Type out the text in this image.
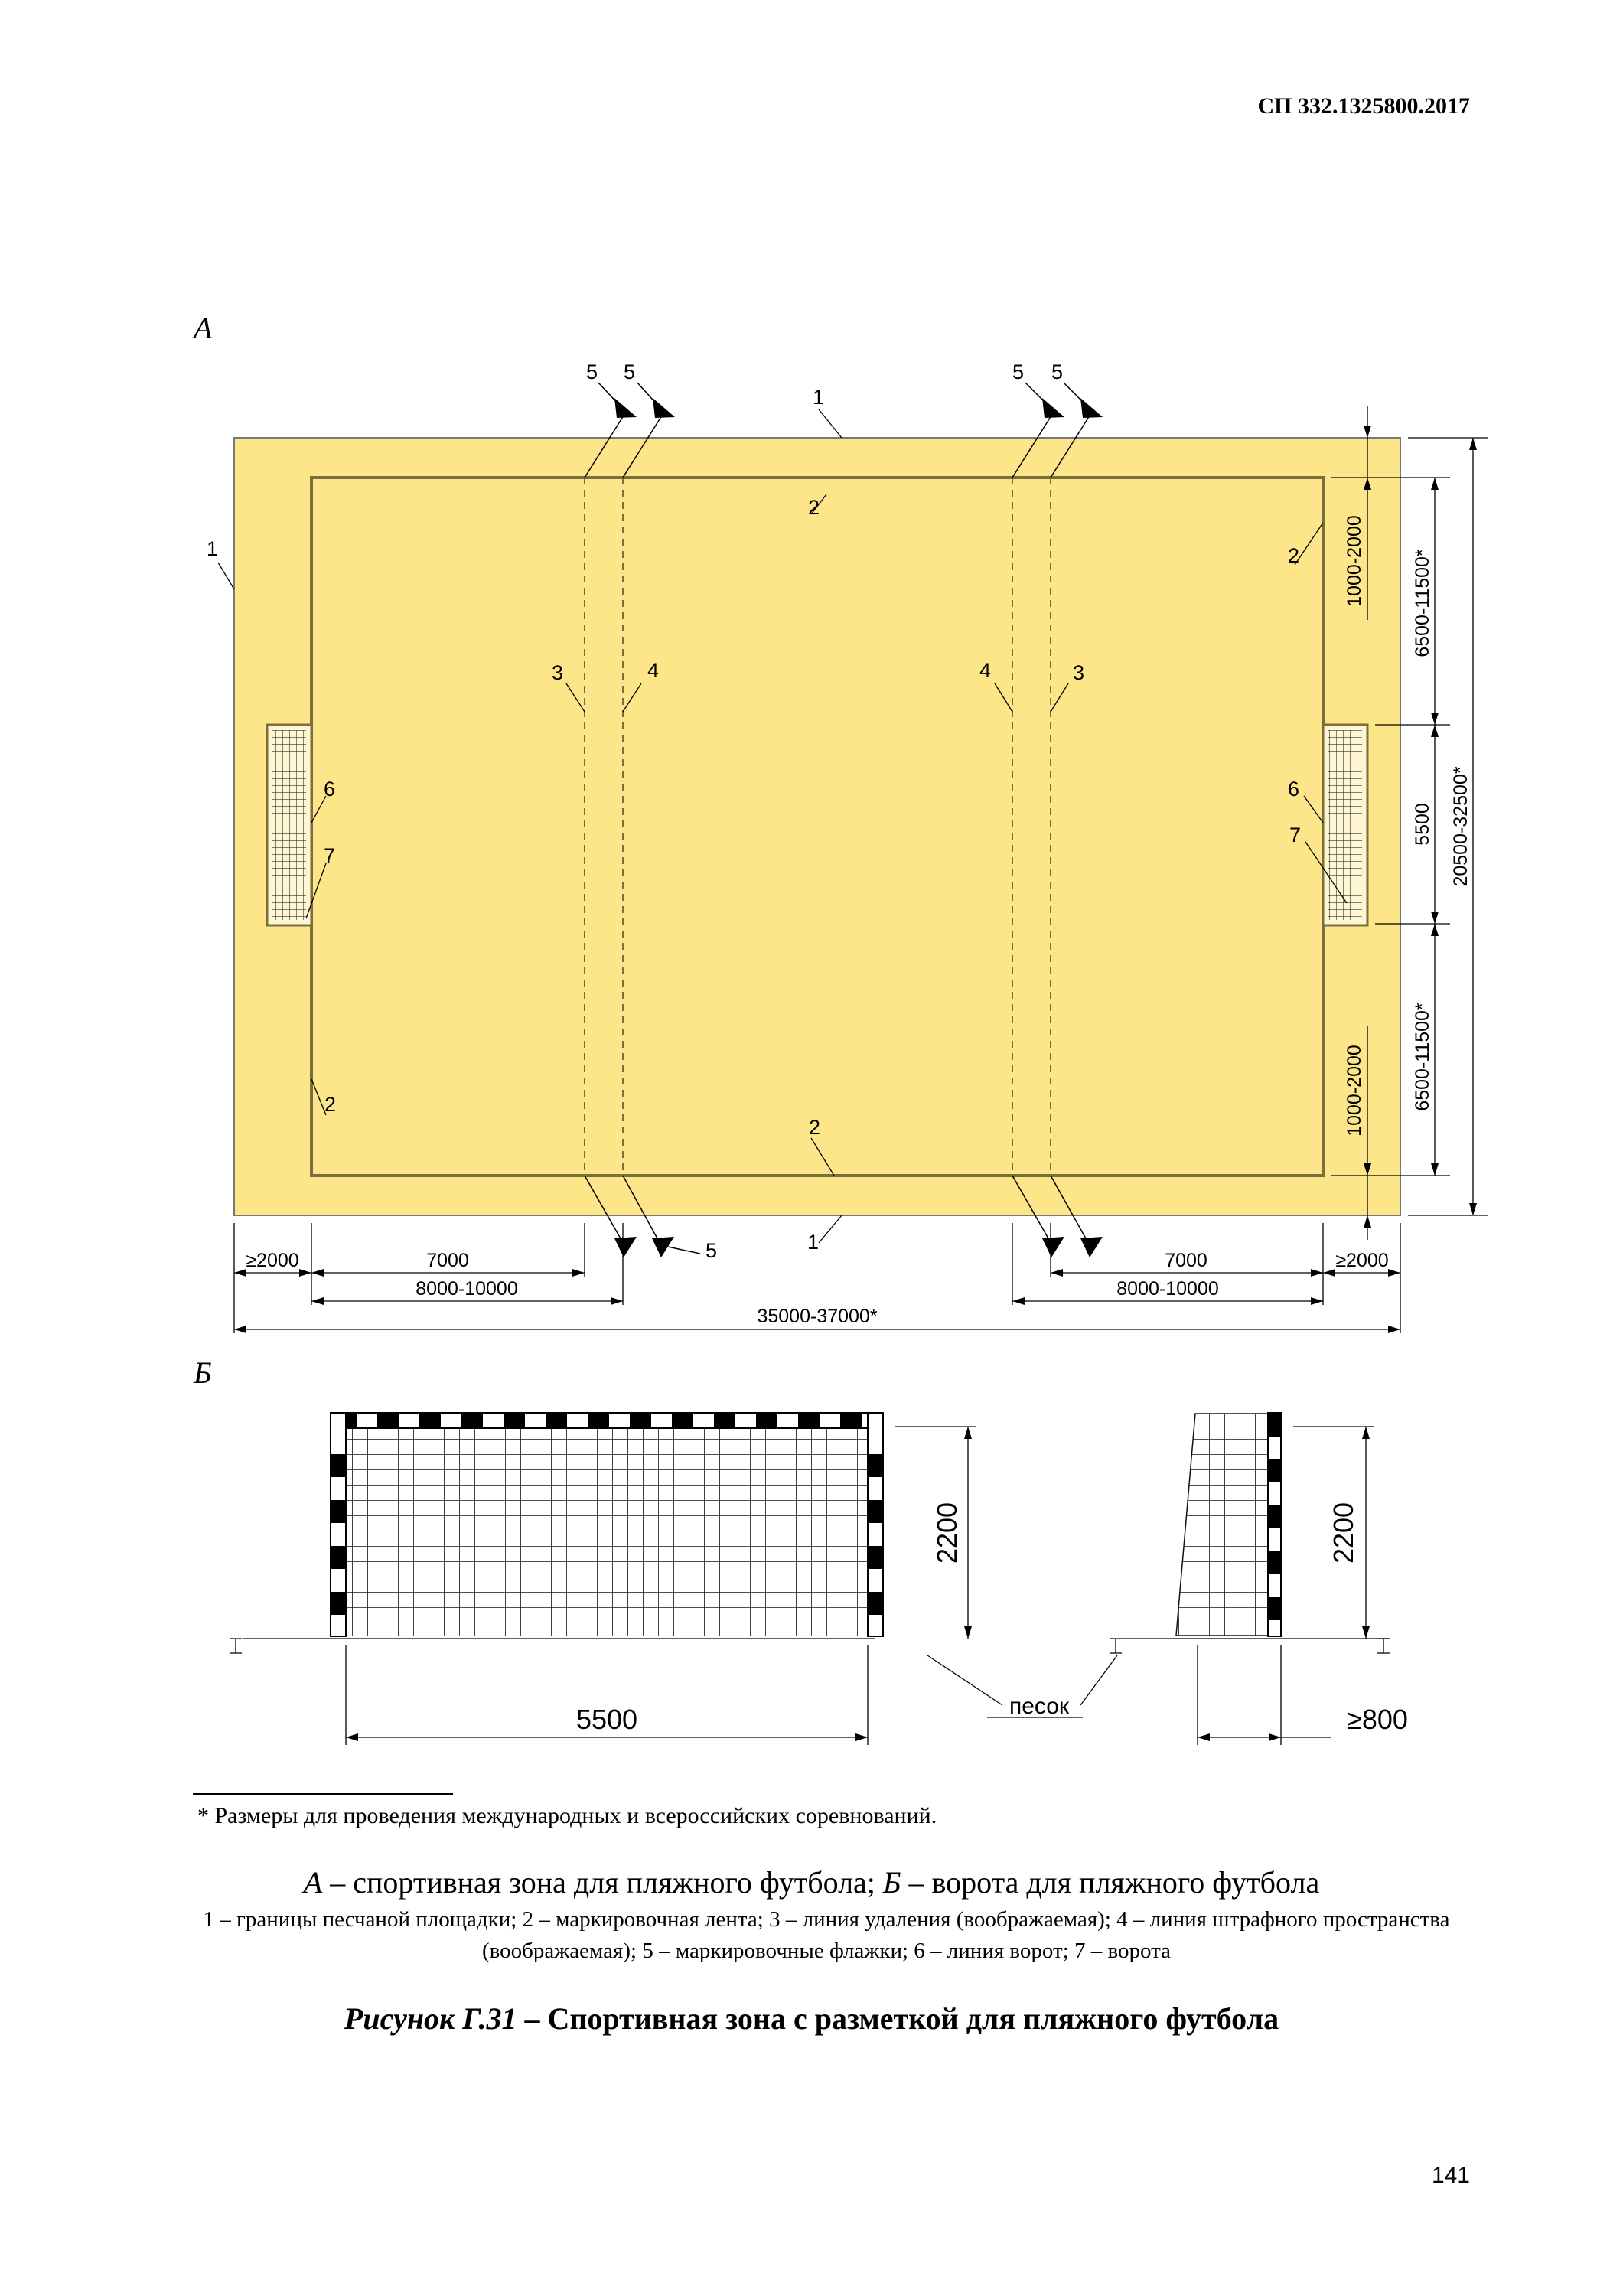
СП 332.1325800.2017
А
Б
5 5	5 5
1
1
2
2
3	4	4	3
6
7
6
7
2
2
1
5
≥2000	7000
8000-10000
7000
8000-10000
≥2000
35000-37000*
1000-2000
1000-2000
6500-11500*
5500
6500-11500*
20500-32500*
2200
5500
2200
≥800
песок
* Размеры для проведения международных и всероссийских соревнований.
А – спортивная зона для пляжного футбола; Б – ворота для пляжного футбола
1 – границы песчаной площадки; 2 – маркировочная лента; 3 – линия удаления (воображаемая); 4 – линия штрафного пространства (воображаемая); 5 – маркировочные флажки; 6 – линия ворот; 7 – ворота
Рисунок Г.31 – Спортивная зона с разметкой для пляжного футбола
141
